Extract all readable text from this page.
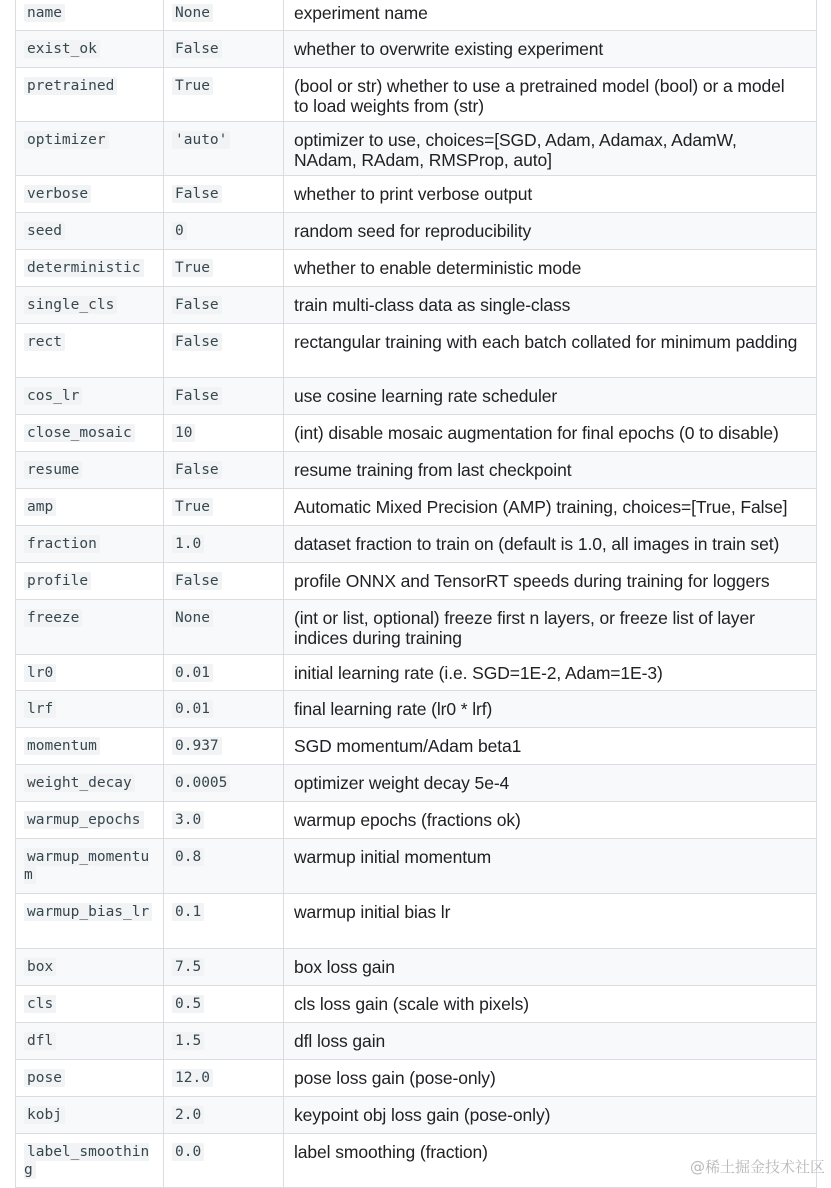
name	None	experiment name

exist_ok	False	whether to overwrite existing experiment

pretrained	True	(bool or str) whether to use a pretrained model (bool) or a model to load weights from (str)

optimizer	'auto'	optimizer to use, choices=[SGD, Adam, Adamax, AdamW, NAdam, RAdam, RMSProp, auto]

verbose	False	whether to print verbose output

seed	0	random seed for reproducibility

deterministic	True	whether to enable deterministic mode

single_cls	False	train multi-class data as single-class

rect	False	rectangular training with each batch collated for minimum padding

cos_lr	False	use cosine learning rate scheduler

close_mosaic	10	(int) disable mosaic augmentation for final epochs (0 to disable)

resume	False	resume training from last checkpoint

amp	True	Automatic Mixed Precision (AMP) training, choices=[True, False]

fraction	1.0	dataset fraction to train on (default is 1.0, all images in train set)

profile	False	profile ONNX and TensorRT speeds during training for loggers

freeze	None	(int or list, optional) freeze first n layers, or freeze list of layer indices during training

lr0	0.01	initial learning rate (i.e. SGD=1E-2, Adam=1E-3)

lrf	0.01	final learning rate (lr0 * lrf)

momentum	0.937	SGD momentum/Adam beta1

weight_decay	0.0005	optimizer weight decay 5e-4

warmup_epochs	3.0	warmup epochs (fractions ok)

warmup_momentum	0.8	warmup initial momentum

warmup_bias_lr	0.1	warmup initial bias lr

box	7.5	box loss gain

cls	0.5	cls loss gain (scale with pixels)

dfl	1.5	dfl loss gain

pose	12.0	pose loss gain (pose-only)

kobj	2.0	keypoint obj loss gain (pose-only)

label_smoothing	0.0	label smoothing (fraction)
@稀土掘金技术社区
